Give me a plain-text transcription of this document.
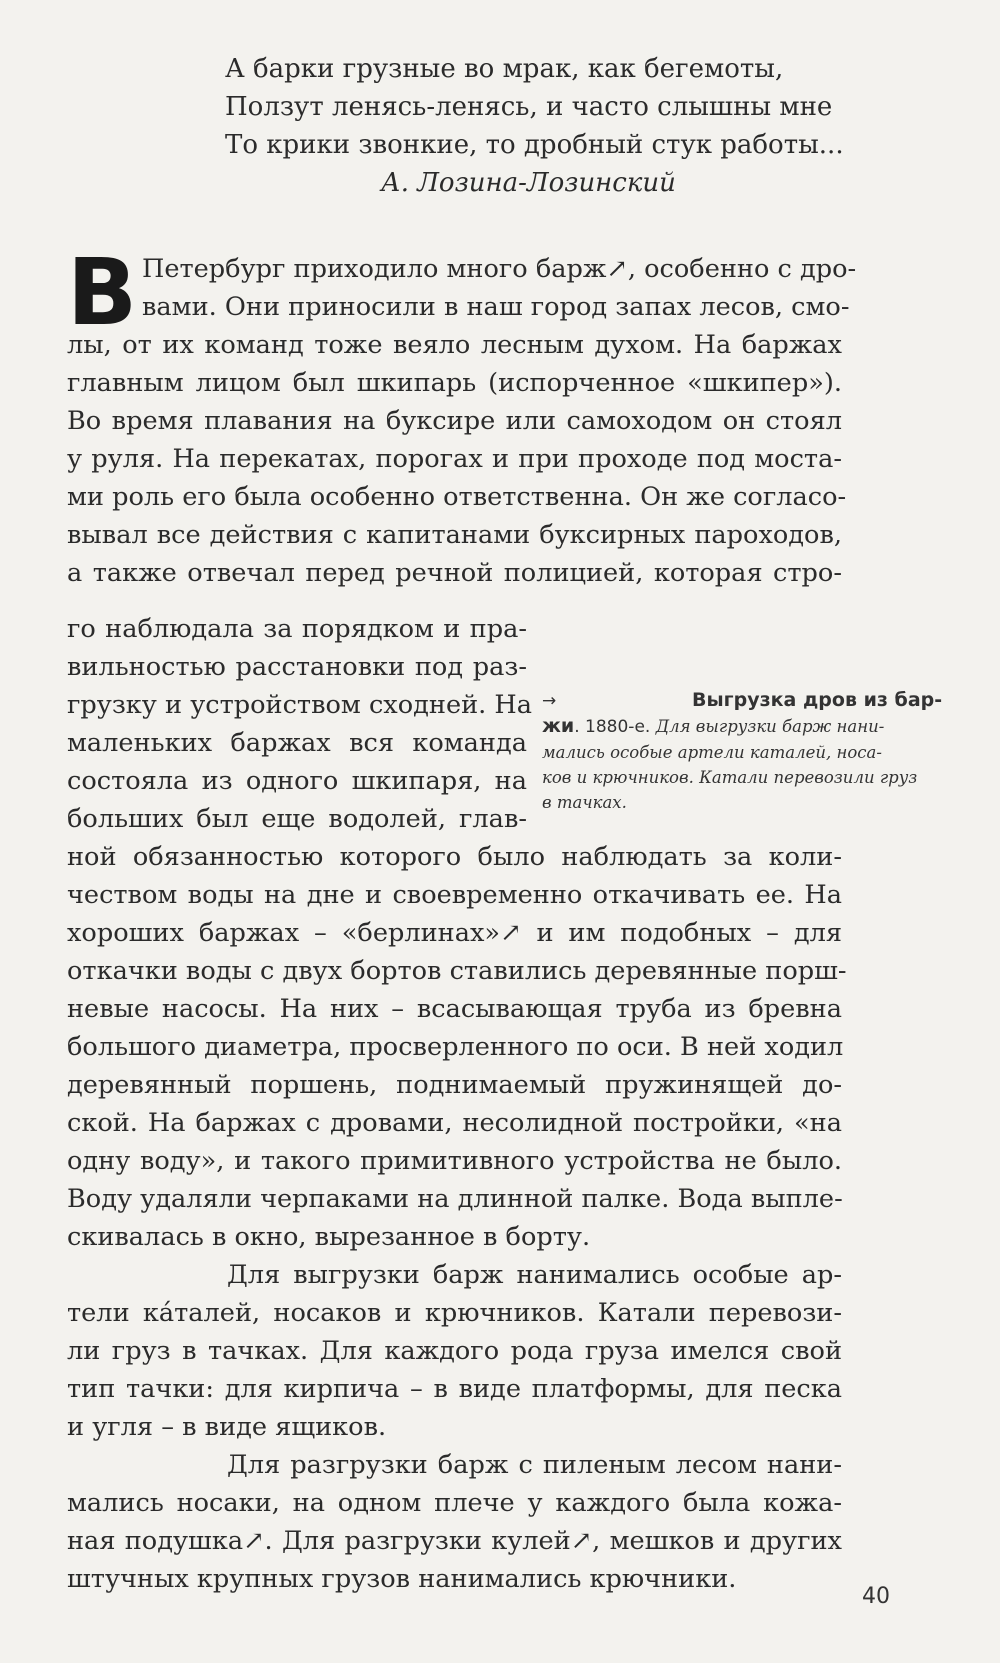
А барки грузные во мрак, как бегемоты,
Ползут ленясь-ленясь, и часто слышны мне
То крики звонкие, то дробный стук работы...
А. Лозина-Лозинский
В Петербург приходило много барж↗, особенно с дро-
вами. Они приносили в наш город запах лесов, смо-
лы, от их команд тоже веяло лесным духом. На баржах
главным лицом был шкипарь (испорченное «шкипер»).
Во время плавания на буксире или самоходом он стоял
у руля. На перекатах, порогах и при проходе под моста-
ми роль его была особенно ответственна. Он же согласо-
вывал все действия с капитанами буксирных пароходов,
а также отвечал перед речной полицией, которая стро-
го наблюдала за порядком и пра-
вильностью расстановки под раз-
грузку и устройством сходней. На
маленьких баржах вся команда
состояла из одного шкипаря, на
больших был еще водолей, глав-
→	Выгрузка дров из бар-
жи. 1880-е. Для выгрузки барж нани-
мались особые артели каталей, носа-
ков и крючников. Катали перевозили груз
в тачках.
ной обязанностью которого было наблюдать за коли-
чеством воды на дне и своевременно откачивать ее. На
хороших баржах – «берлинах»↗ и им подобных – для
откачки воды с двух бортов ставились деревянные порш-
невые насосы. На них – всасывающая труба из бревна
большого диаметра, просверленного по оси. В ней ходил
деревянный поршень, поднимаемый пружинящей до-
ской. На баржах с дровами, несолидной постройки, «на
одну воду», и такого примитивного устройства не было.
Воду удаляли черпаками на длинной палке. Вода выпле-
скивалась в окно, вырезанное в борту.
Для выгрузки барж нанимались особые ар-
тели ка́талей, носаков и крючников. Катали перевози-
ли груз в тачках. Для каждого рода груза имелся свой
тип тачки: для кирпича – в виде платформы, для песка
и угля – в виде ящиков.
Для разгрузки барж с пиленым лесом нани-
мались носаки, на одном плече у каждого была кожа-
ная подушка↗. Для разгрузки кулей↗, мешков и других
штучных крупных грузов нанимались крючники.
40
